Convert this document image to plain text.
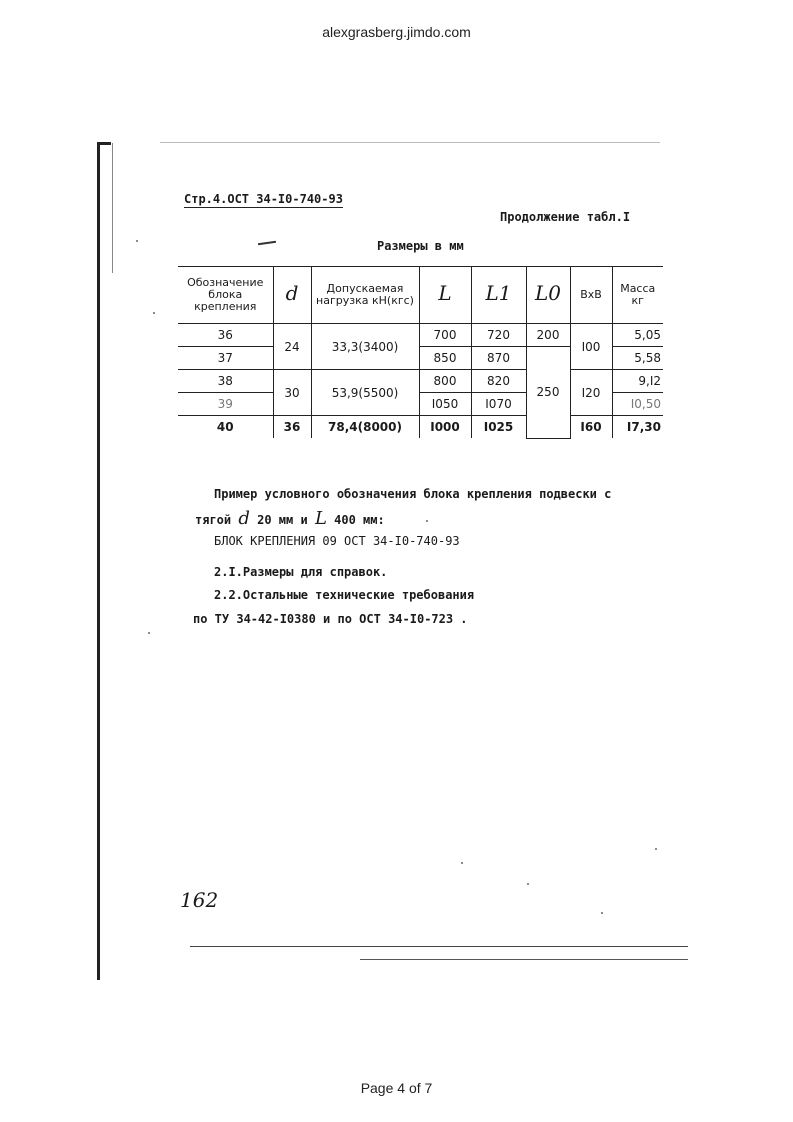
alexgrasberg.jimdo.com
Стр.4.ОСТ 34-I0-740-93
Продолжение табл.I
Размеры в мм
Обозначение блока крепления	d	Допускаемая нагрузка кН(кгс)	L	L1	L0	BxB	Масса кг
36	24	33,3(3400)	700	720	200	I00	5,05
37			850	870	250		5,58
38	30	53,9(5500)	800	820		I20	9,I2
39			I050	I070			I0,50
40	36	78,4(8000)	I000	I025		I60	I7,30
Пример условного обозначения блока крепления подвески с
тягой d 20 мм и L 400 мм:
БЛОК КРЕПЛЕНИЯ 09 ОСТ 34-I0-740-93
2.I.Размеры для справок.
2.2.Остальные технические требования
по ТУ 34-42-I0380 и по ОСТ 34-I0-723 .
162
Page 4 of 7
